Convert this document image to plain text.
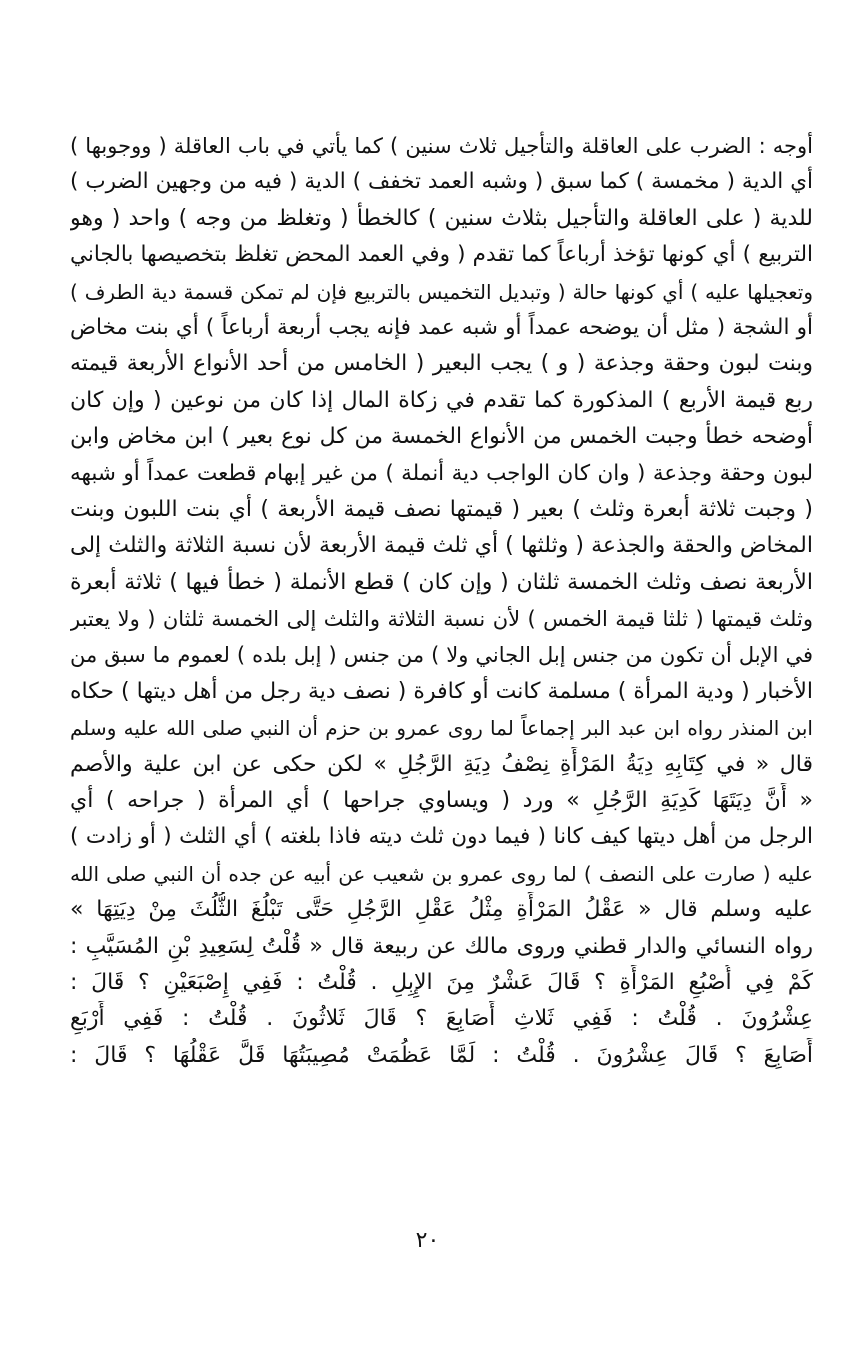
أوجه : الضرب على العاقلة والتأجيل ثلاث سنين ) كما يأتي في باب العاقلة ( ووجوبها )
أي الدية ( مخمسة ) كما سبق ( وشبه العمد تخفف ) الدية ( فيه من وجهين الضرب )
للدية ( على العاقلة والتأجيل بثلاث سنين ) كالخطأ ( وتغلظ من وجه ) واحد ( وهو
التربيع ) أي كونها تؤخذ أرباعاً كما تقدم ( وفي العمد المحض تغلظ بتخصيصها بالجاني
وتعجيلها عليه ) أي كونها حالة ( وتبديل التخميس بالتربيع فإن لم تمكن قسمة دية الطرف )
أو الشجة ( مثل أن يوضحه عمداً أو شبه عمد فإنه يجب أربعة أرباعاً ) أي بنت مخاض
وبنت لبون وحقة وجذعة ( و ) يجب البعير ( الخامس من أحد الأنواع الأربعة قيمته
ربع قيمة الأربع ) المذكورة كما تقدم في زكاة المال إذا كان من نوعين ( وإن كان
أوضحه خطأ وجبت الخمس من الأنواع الخمسة من كل نوع بعير ) ابن مخاض وابن
لبون وحقة وجذعة ( وان كان الواجب دية أنملة ) من غير إبهام قطعت عمداً أو شبهه
( وجبت ثلاثة أبعرة وثلث ) بعير ( قيمتها نصف قيمة الأربعة ) أي بنت اللبون وبنت
المخاض والحقة والجذعة ( وثلثها ) أي ثلث قيمة الأربعة لأن نسبة الثلاثة والثلث إلى
الأربعة نصف وثلث الخمسة ثلثان ( وإن كان ) قطع الأنملة ( خطأ فيها ) ثلاثة أبعرة
وثلث قيمتها ( ثلثا قيمة الخمس ) لأن نسبة الثلاثة والثلث إلى الخمسة ثلثان ( ولا يعتبر
في الإبل أن تكون من جنس إبل الجاني ولا ) من جنس ( إبل بلده ) لعموم ما سبق من
الأخبار ( ودية المرأة ) مسلمة كانت أو كافرة ( نصف دية رجل من أهل ديتها ) حكاه
ابن المنذر رواه ابن عبد البر إجماعاً لما روى عمرو بن حزم أن النبي صلى الله عليه وسلم
قال « في كِتَابِهِ دِيَةُ المَرْأَةِ نِصْفُ دِيَةِ الرَّجُلِ » لكن حكى عن ابن علية والأصم
« أَنَّ دِيَتَهَا كَدِيَةِ الرَّجُلِ » ورد ( ويساوي جراحها ) أي المرأة ( جراحه ) أي
الرجل من أهل ديتها كيف كانا ( فيما دون ثلث ديته فاذا بلغته ) أي الثلث ( أو زادت )
عليه ( صارت على النصف ) لما روى عمرو بن شعيب عن أبيه عن جده أن النبي صلى الله
عليه وسلم قال « عَقْلُ المَرْأَةِ مِثْلُ عَقْلِ الرَّجُلِ حَتَّى تَبْلُغَ الثُّلُثَ مِنْ دِيَتِهَا »
رواه النسائي والدار قطني وروى مالك عن ربيعة قال « قُلْتُ لِسَعِيدِ بْنِ المُسَيَّبِ :
كَمْ فِي أُصْبُعِ المَرْأَةِ ؟ قَالَ عَشْرٌ مِنَ الإِبِلِ . قُلْتُ : فَفِي إِصْبَعَيْنِ ؟ قَالَ :
عِشْرُونَ . قُلْتُ : فَفِي ثَلاثِ أَصَابِعَ ؟ قَالَ ثَلاثُونَ . قُلْتُ : فَفِي أَرْبَعِ
أَصَابِعَ ؟ قَالَ عِشْرُونَ . قُلْتُ : لَمَّا عَظُمَتْ مُصِيبَتُهَا قَلَّ عَقْلُهَا ؟ قَالَ :
٢٠
